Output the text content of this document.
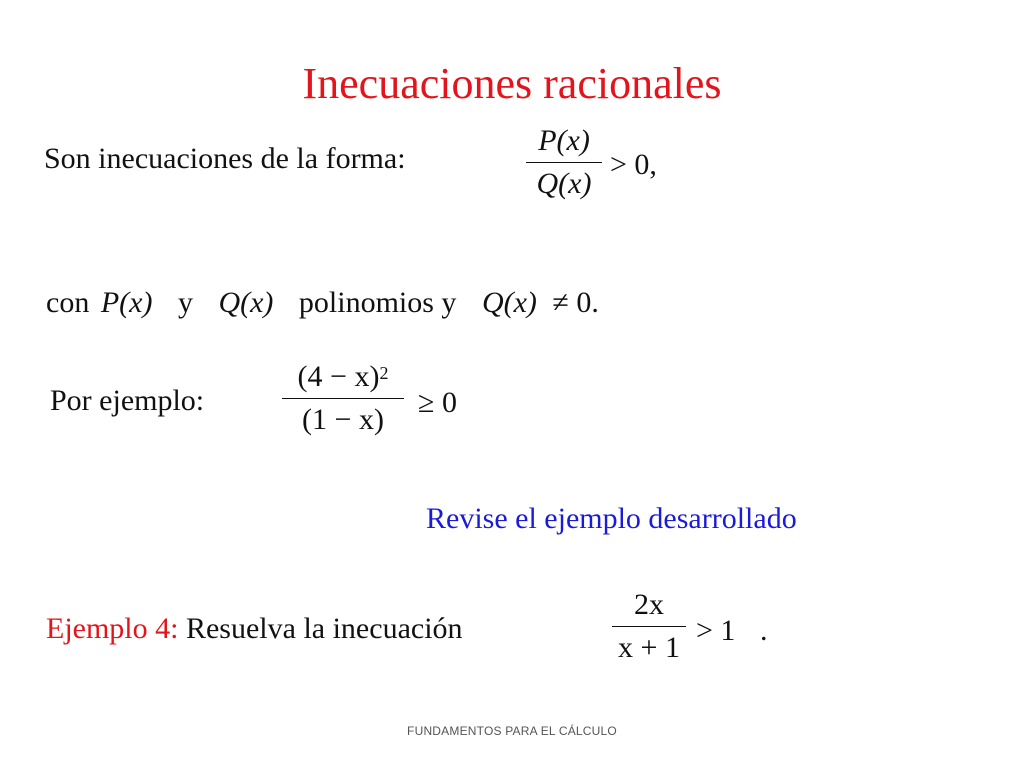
Inecuaciones racionales
Son inecuaciones de la forma:
P(x)
Q(x)
> 0,
con P(x) y Q(x) polinomios y Q(x) ≠ 0.
Por ejemplo:
$(4 - x)^2$
(1 − x)
≥ 0
Revise el ejemplo desarrollado
Ejemplo 4: Resuelva la inecuación
2x
x + 1
> 1 .
FUNDAMENTOS PARA EL CÁLCULO
